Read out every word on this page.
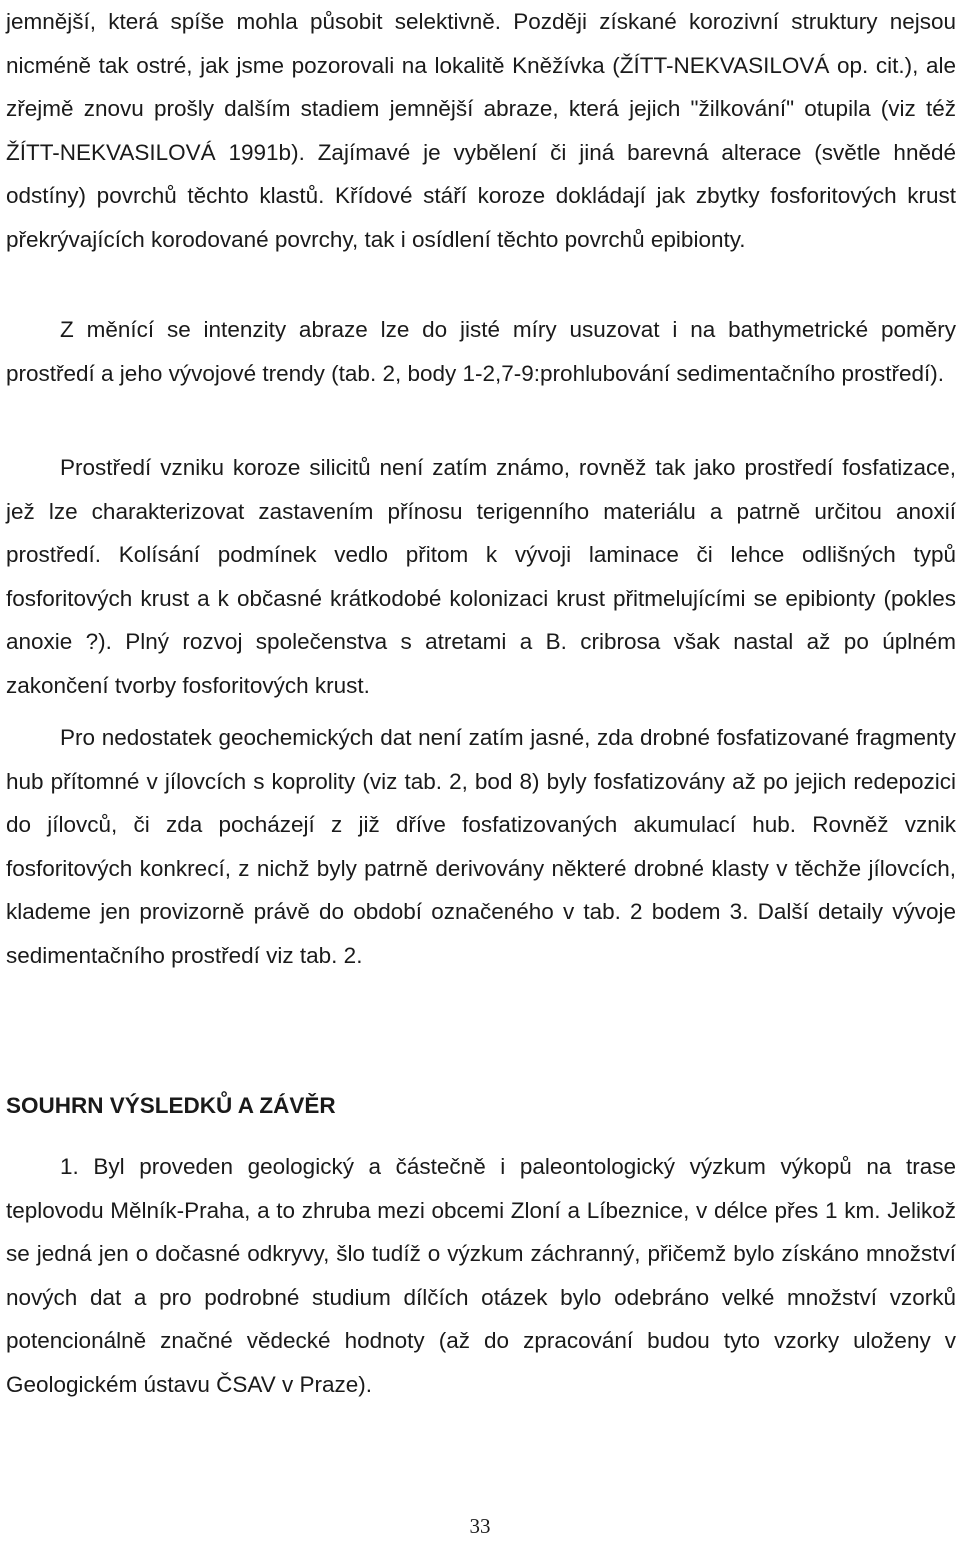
jemnější, která spíše mohla působit selektivně. Později získané korozivní struktury nejsou nicméně tak ostré, jak jsme pozorovali na lokalitě Kněžívka (ŽÍTT-NEKVASILOVÁ op. cit.), ale zřejmě znovu prošly dalším stadiem jemnější abraze, která jejich "žilkování" otupila (viz též ŽÍTT-NEKVASILOVÁ 1991b). Zajímavé je vybělení či jiná barevná alterace (světle hnědé odstíny) povrchů těchto klastů. Křídové stáří koroze dokládají jak zbytky fosforitových krust překrývajících korodované povrchy, tak i osídlení těchto povrchů epibionty.

Z měnící se intenzity abraze lze do jisté míry usuzovat i na bathymetrické poměry prostředí a jeho vývojové trendy (tab. 2, body 1-2,7-9:prohlubování sedimentačního prostředí).

Prostředí vzniku koroze silicitů není zatím známo, rovněž tak jako prostředí fosfatizace, jež lze charakterizovat zastavením přínosu terigenního materiálu a patrně určitou anoxií prostředí. Kolísání podmínek vedlo přitom k vývoji laminace či lehce odlišných typů fosforitových krust a k občasné krátkodobé kolonizaci krust přitmelujícími se epibionty (pokles anoxie ?). Plný rozvoj společenstva s atretami a B. cribrosa však nastal až po úplném zakončení tvorby fosforitových krust.

Pro nedostatek geochemických dat není zatím jasné, zda drobné fosfatizované fragmenty hub přítomné v jílovcích s koprolity (viz tab. 2, bod 8) byly fosfatizovány až po jejich redepozici do jílovců, či zda pocházejí z již dříve fosfatizovaných akumulací hub. Rovněž vznik fosforitových konkrecí, z nichž byly patrně derivovány některé drobné klasty v těchže jílovcích, klademe jen provizorně právě do období označeného v tab. 2 bodem 3. Další detaily vývoje sedimentačního prostředí viz tab. 2.

SOUHRN VÝSLEDKŮ A ZÁVĚR

1. Byl proveden geologický a částečně i paleontologický výzkum výkopů na trase teplovodu Mělník-Praha, a to zhruba mezi obcemi Zloní a Líbeznice, v délce přes 1 km. Jelikož se jedná jen o dočasné odkryvy, šlo tudíž o výzkum záchranný, přičemž bylo získáno množství nových dat a pro podrobné studium dílčích otázek bylo odebráno velké množství vzorků potencionálně značné vědecké hodnoty (až do zpracování budou tyto vzorky uloženy v Geologickém ústavu ČSAV v Praze).

33
